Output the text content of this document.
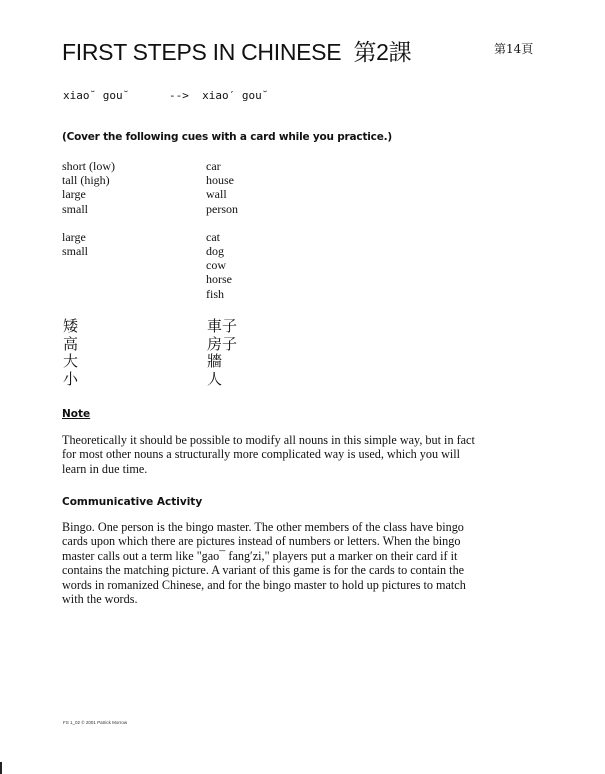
FIRST STEPS IN CHINESE 第2課	第14頁
xiao˘ gou˘	--> xiao′ gou˘
(Cover the following cues with a card while you practice.)
short (low)
tall (high)
large
small
large
small
car
house
wall
person
cat
dog
cow
horse
fish
矮
高
大
小
車子
房子
牆
人
Note
Theoretically it should be possible to modify all nouns in this simple way, but in fact
for most other nouns a structurally more complicated way is used, which you will
learn in due time.
Communicative Activity
Bingo. One person is the bingo master. The other members of the class have bingo
cards upon which there are pictures instead of numbers or letters. When the bingo
master calls out a term like "gao¯ fang′zi," players put a marker on their card if it
contains the matching picture. A variant of this game is for the cards to contain the
words in romanized Chinese, and for the bingo master to hold up pictures to match
with the words.
FS 1_02 © 2001 Patrick Morrow
